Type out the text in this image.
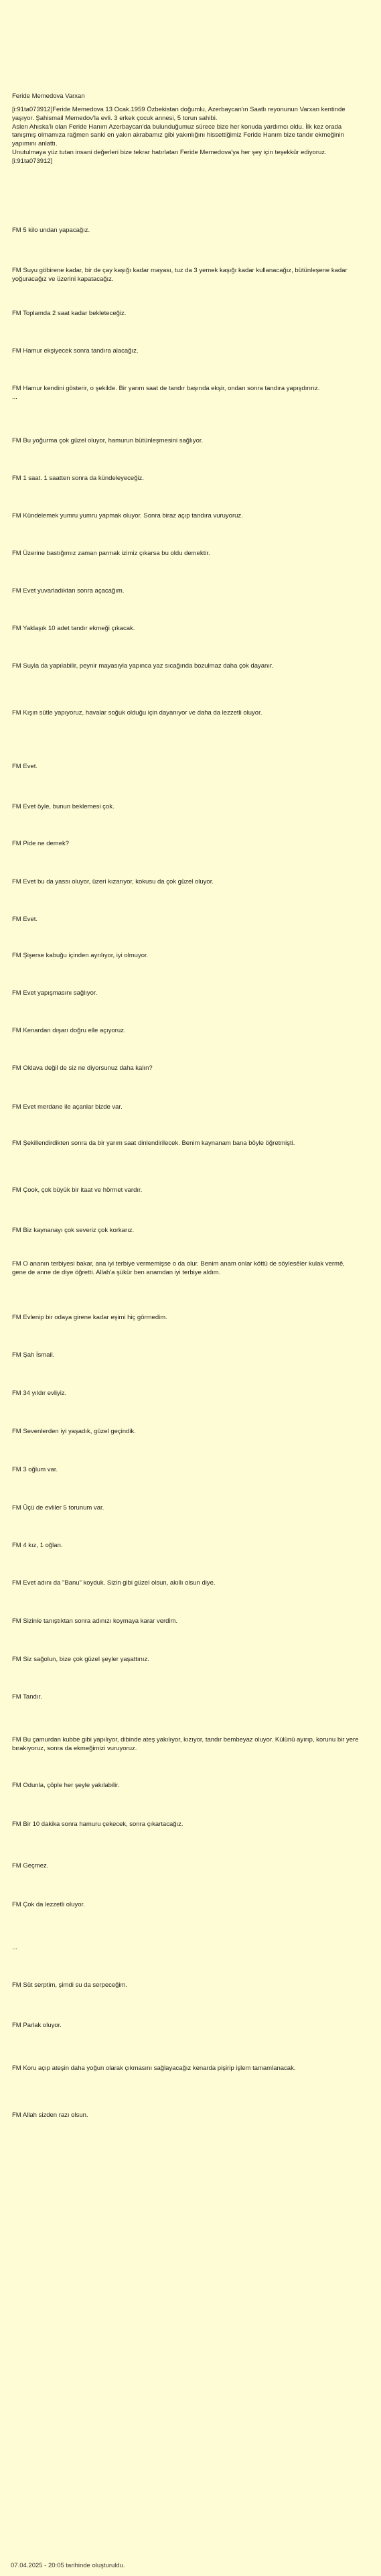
Feride Memedova Varxan

[i:91ta073912]Feride Memedova 13 Ocak.1959 Özbekistan doğumlu, Azerbaycan'ın Saatlı reyonunun Varxan kentinde yaşıyor. Şahismail Memedov'la evli. 3 erkek çocuk annesi, 5 torun sahibi.
Aslen Ahıska'lı olan Feride Hanım Azerbaycan'da bulunduğumuz sürece bize her konuda yardımcı oldu. İlk kez orada tanışmış olmamıza rağmen sanki en yakın akrabamız gibi yakınlığını hissettiğimiz Feride Hanım bize tandır ekmeğinin yapımını anlattı.
Unutulmaya yüz tutan insani değerleri bize tekrar hatırlatan Feride Memedova'ya her şey için teşekkür ediyoruz. [i:91ta073912]

FM 5 kilo undan yapacağız.

FM Suyu göbirene kadar, bir de çay kaşığı kadar mayası, tuz da 3 yemek kaşığı kadar kullanacağız, bütünleşene kadar yoğuracağız ve üzerini kapatacağız.

FM Toplamda 2 saat kadar bekleteceğiz.

FM Hamur ekşiyecek sonra tandıra alacağız.

FM Hamur kendini gösterir, o şekilde. Bir yarım saat de tandır başında ekşir, ondan sonra tandıra yapışdırırız.
...

FM Bu yoğurma çok güzel oluyor, hamurun bütünleşmesini sağlıyor.

FM 1 saat. 1 saatten sonra da kündeleyeceğiz.

FM Kündelemek yumru yumru yapmak oluyor. Sonra biraz açıp tandıra vuruyoruz.

FM Üzerine bastığımız zaman parmak izimiz çıkarsa bu oldu demektir.

FM Evet yuvarladıktan sonra açacağım.

FM Yaklaşık 10 adet tandır ekmeği çıkacak.

FM Suyla da yapılabilir, peynir mayasıyla yapınca yaz sıcağında bozulmaz daha çok dayanır.

FM Kışın sütle yapıyoruz, havalar soğuk olduğu için dayanıyor ve daha da lezzetli oluyor.

FM Evet.

FM Evet öyle, bunun beklemesi çok.

FM Pide ne demek?

FM Evet bu da yassı oluyor, üzeri kızarıyor, kokusu da çok güzel oluyor.

FM Evet.

FM Şişerse kabuğu içinden ayrılıyor, iyi olmuyor.

FM Evet yapışmasını sağlıyor.

FM Kenardan dışarı doğru elle açıyoruz.

FM Oklava değil de siz ne diyorsunuz daha kalın?

FM Evet merdane ile açanlar bizde var.

FM Şekillendirdikten sonra da bir yarım saat dinlendirilecek. Benim kaynanam bana böyle öğretmişti.

FM Çook, çok büyük bir itaat ve hörmet vardır.

FM Biz kaynanayı çok severiz çok korkarız.

FM O ananın terbiyesi bakar, ana iyi terbiye vermemişse o da olur. Benim anam onlar köttü de söylesêler kulak vermê, gene de anne de diye öğretti. Allah'a şükür ben anamdan iyi terbiye aldım.

FM Evlenip bir odaya girene kadar eşimi hiç görmedim.

FM Şah İsmail.

FM 34 yıldır evliyiz.

FM Sevenlerden iyi yaşadık, güzel geçindik.

FM 3 oğlum var.

FM Üçü de evliler 5 torunum var.

FM 4 kız, 1 oğlan.

FM Evet adını da "Banu" koyduk. Sizin gibi güzel olsun, akıllı olsun diye.

FM Sizinle tanıştıktan sonra adınızı koymaya karar verdim.

FM Siz sağolun, bize çok güzel şeyler yaşattınız.

FM Tandır.

FM Bu çamurdan kubbe gibi yapılıyor, dibinde ateş yakılıyor, kızıyor, tandır bembeyaz oluyor. Külünü ayırıp, korunu bir yere bırakıyoruz, sonra da ekmeğimizi vuruyoruz.

FM Odunla, çöple her şeyle yakılabilir.

FM Bir 10 dakika sonra hamuru çekecek, sonra çıkartacağız.

FM Geçmez.

FM Çok da lezzetli oluyor.

...

FM Süt serptim, şimdi su da serpeceğim.

FM Parlak oluyor.

FM Koru açıp ateşin daha yoğun olarak çıkmasını sağlayacağız kenarda pişirip işlem tamamlanacak.

FM Allah sizden razı olsun.

07.04.2025 - 20:05 tarihinde oluşturuldu.
